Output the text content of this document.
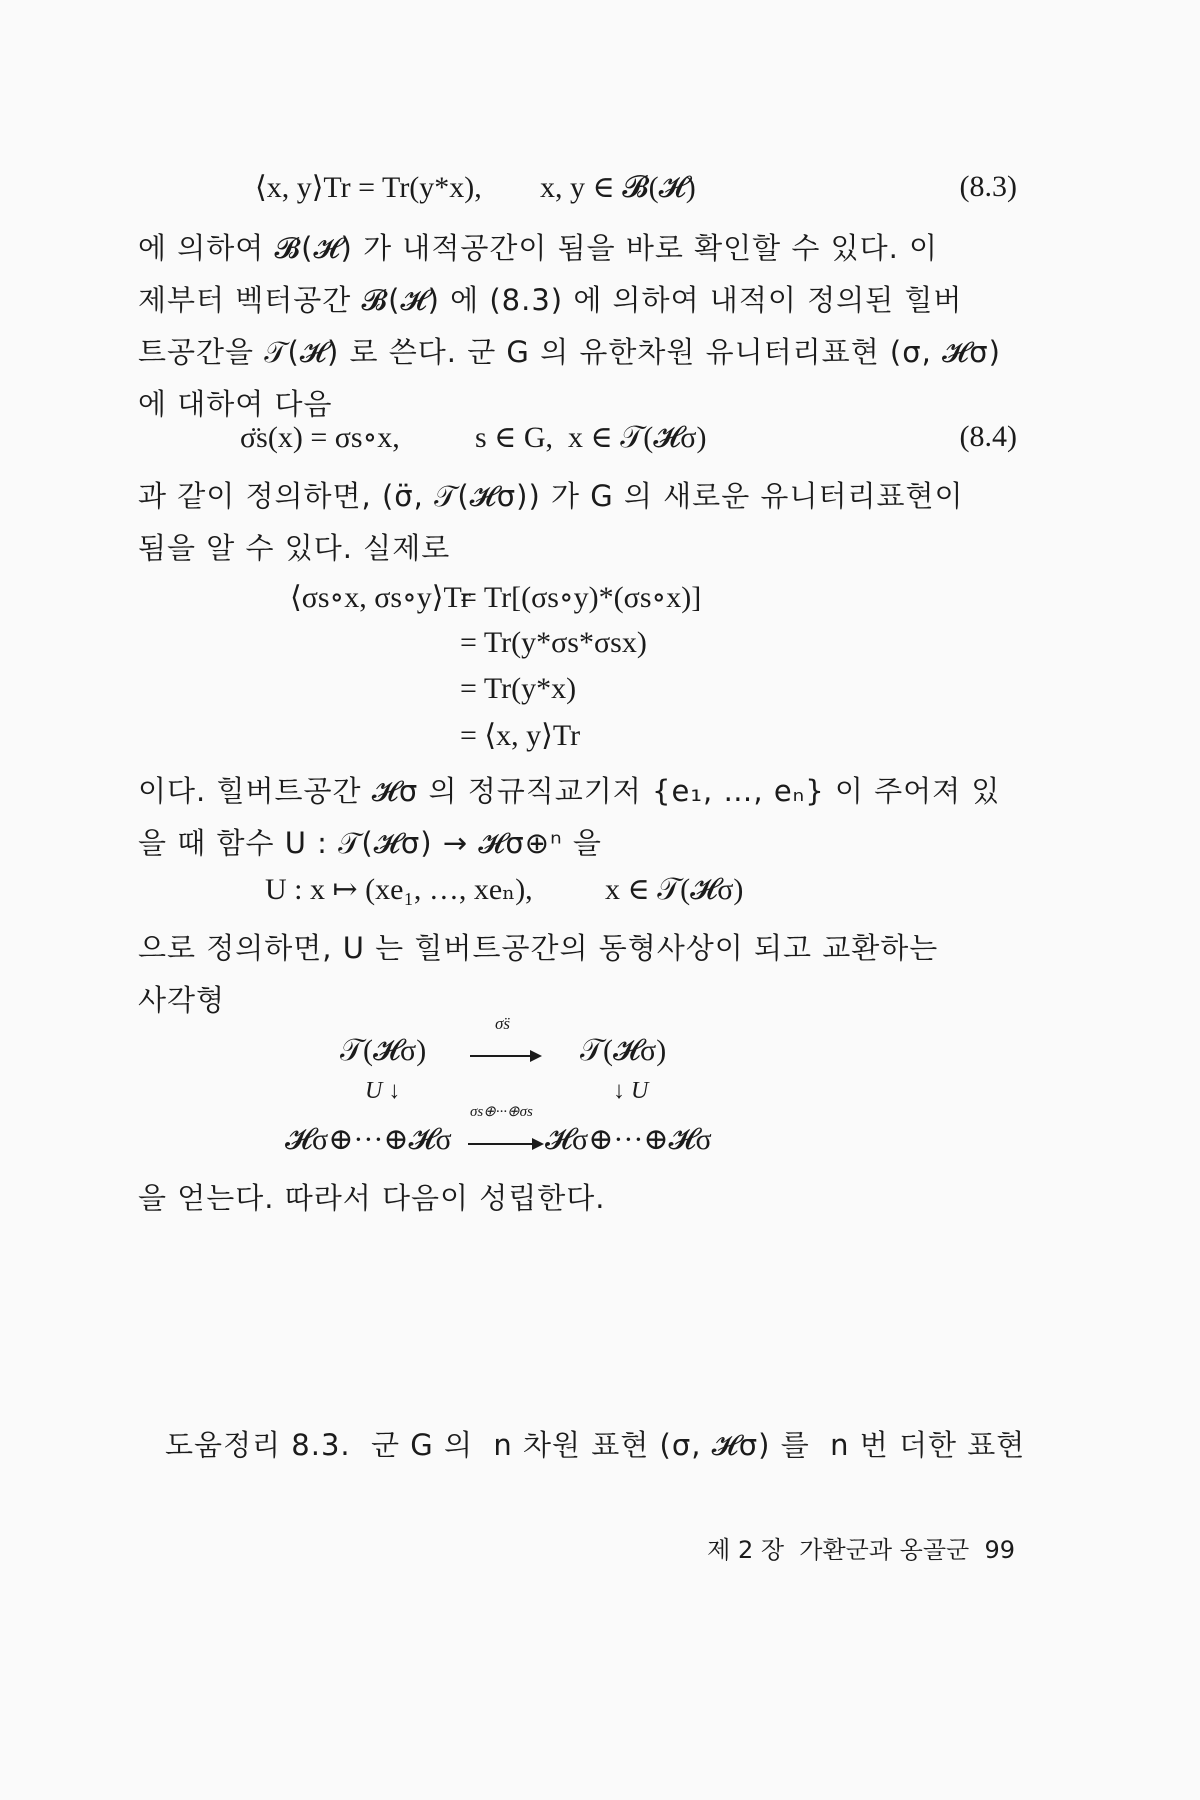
⟨x, y⟩Tr = Tr(y*x), x, y ∈ 𝓑(𝓗)	(8.3)
에 의하여 𝓑(𝓗) 가 내적공간이 됨을 바로 확인할 수 있다. 이
제부터 벡터공간 𝓑(𝓗) 에 (8.3) 에 의하여 내적이 정의된 힐버
트공간을 𝒯(𝓗) 로 쓴다. 군 G 의 유한차원 유니터리표현 (σ, 𝓗σ)
에 대하여 다음
σ̈s(x) = σs∘x,	s ∈ G,  x ∈ 𝒯(𝓗σ)	(8.4)
과 같이 정의하면, (σ̈, 𝒯(𝓗σ)) 가 G 의 새로운 유니터리표현이
됨을 알 수 있다. 실제로
⟨σs∘x, σs∘y⟩Tr
= Tr[(σs∘y)*(σs∘x)]
= Tr(y*σs*σsx)
= Tr(y*x)
= ⟨x, y⟩Tr
이다. 힐버트공간 𝓗σ 의 정규직교기저 {e₁, …, eₙ} 이 주어져 있
을 때 함수 U : 𝒯(𝓗σ) → 𝓗σ⊕ⁿ 을
U : x ↦ (xe₁, …, xeₙ), x ∈ 𝒯(𝓗σ)
으로 정의하면, U 는 힐버트공간의 동형사상이 되고 교환하는
사각형
σ̈s
𝒯(𝓗σ)	𝒯(𝓗σ)
U ↓	↓ U
σs⊕···⊕σs
𝓗σ⊕···⊕𝓗σ	𝓗σ⊕···⊕𝓗σ
을 얻는다. 따라서 다음이 성립한다.
도움정리 8.3.  군 G 의  n 차원 표현 (σ, 𝓗σ) 를  n 번 더한 표현
제 2 장  가환군과 옹골군  99
